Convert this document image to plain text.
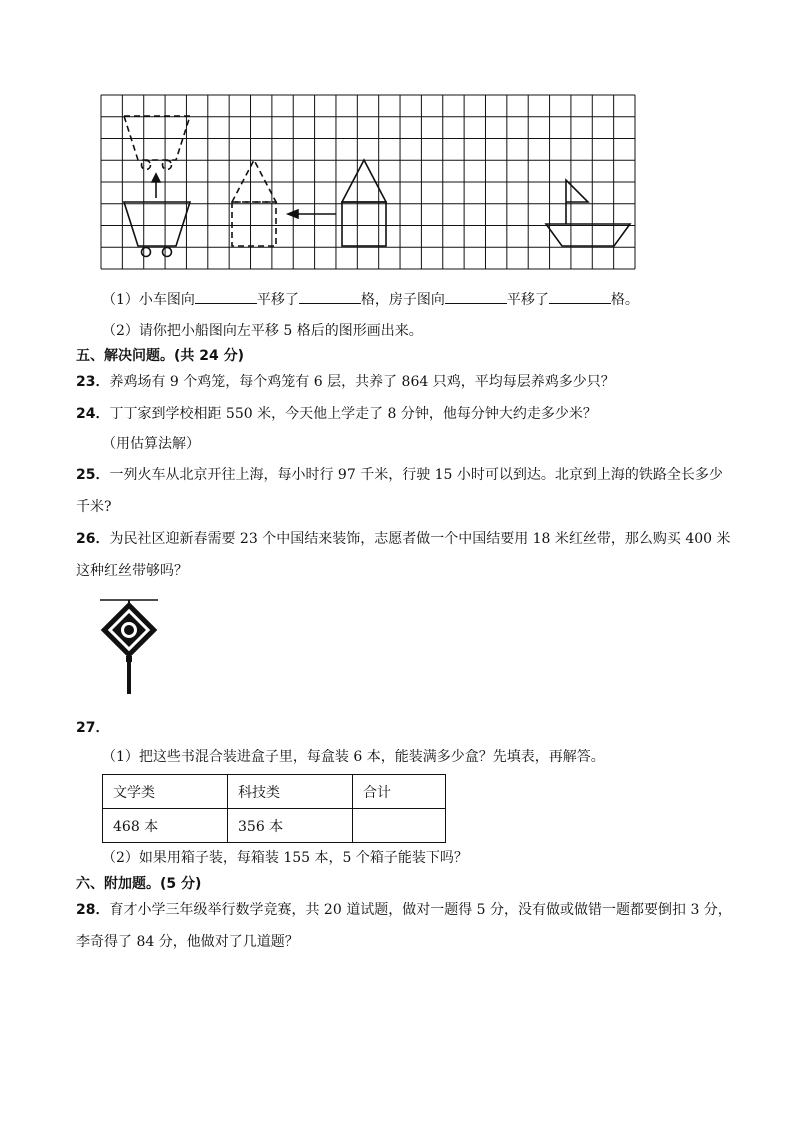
（1）小车图向	平移了	格，房子图向	平移了	格。
（2）请你把小船图向左平移 5 格后的图形画出来。
五、解决问题。(共 24 分)
23．养鸡场有 9 个鸡笼，每个鸡笼有 6 层，共养了 864 只鸡，平均每层养鸡多少只？
24．丁丁家到学校相距 550 米，今天他上学走了 8 分钟，他每分钟大约走多少米？
（用估算法解）
25．一列火车从北京开往上海，每小时行 97 千米，行驶 15 小时可以到达。北京到上海的铁路全长多少
千米?
26．为民社区迎新春需要 23 个中国结来装饰，志愿者做一个中国结要用 18 米红丝带，那么购买 400 米
这种红丝带够吗？
27．
（1）把这些书混合装进盒子里，每盒装 6 本，能装满多少盒？先填表，再解答。
文学类	科技类	合计
468 本	356 本	
（2）如果用箱子装，每箱装 155 本，5 个箱子能装下吗？
六、附加题。(5 分)
28．育才小学三年级举行数学竞赛，共 20 道试题，做对一题得 5 分，没有做或做错一题都要倒扣 3 分，
李奇得了 84 分，他做对了几道题？
